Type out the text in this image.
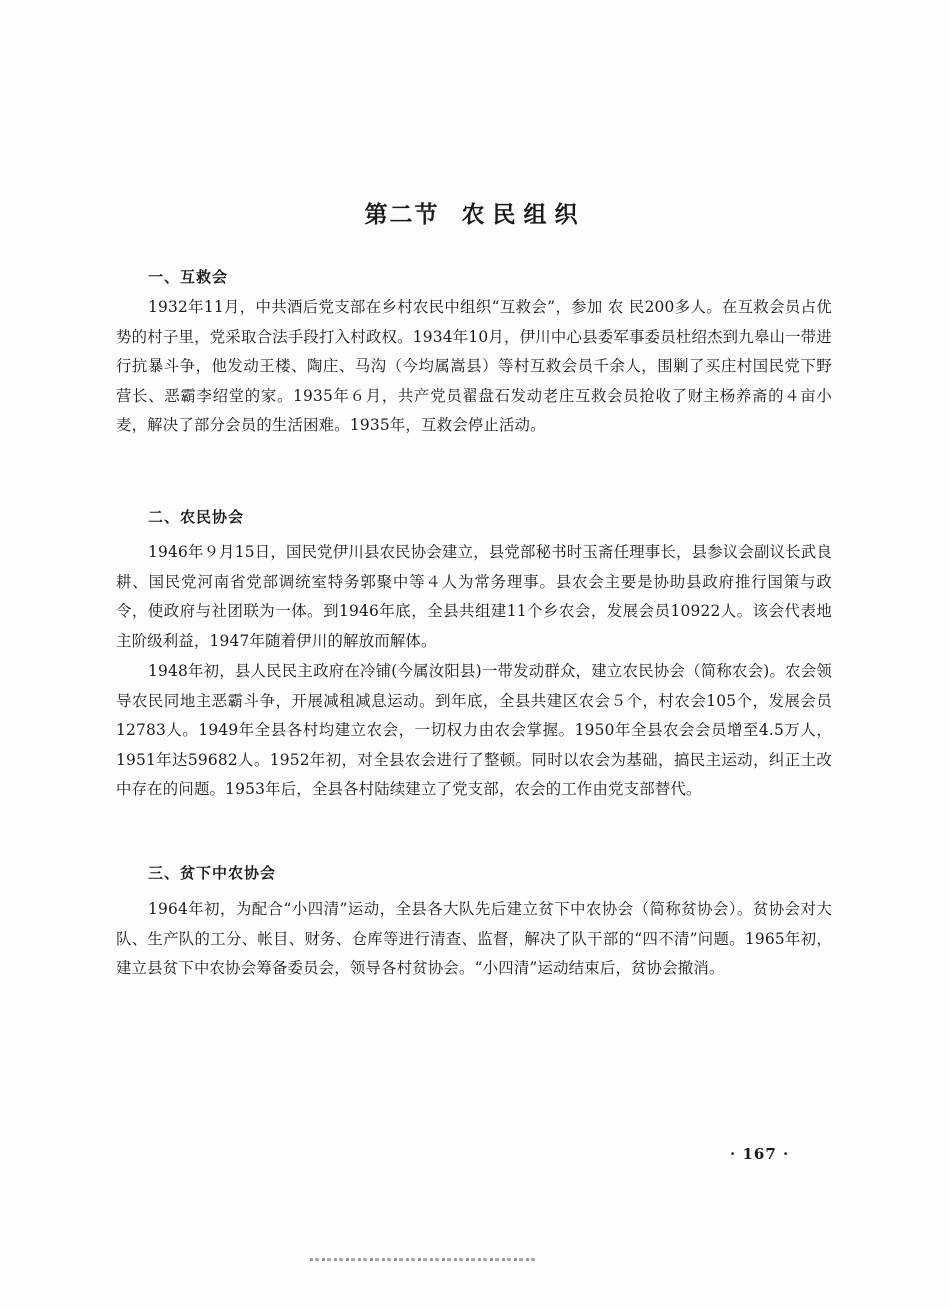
第二节 农民组织
一、互救会
1932年11月，中共酒后党支部在乡村农民中组织“互救会”，参加 农 民200多人。在互救会员占优势的村子里，党采取合法手段打入村政权。1934年10月，伊川中心县委军事委员杜绍杰到九皋山一带进行抗暴斗争，他发动王楼、陶庄、马沟（今均属嵩县）等村互救会员千余人，围剿了买庄村国民党下野营长、恶霸李绍堂的家。1935年６月，共产党员翟盘石发动老庄互救会员抢收了财主杨养斋的４亩小麦，解决了部分会员的生活困难。1935年，互救会停止活动。
二、农民协会
1946年９月15日，国民党伊川县农民协会建立，县党部秘书时玉斋任理事长，县参议会副议长武良耕、国民党河南省党部调统室特务郭聚中等４人为常务理事。县农会主要是协助县政府推行国策与政令，使政府与社团联为一体。到1946年底，全县共组建11个乡农会，发展会员10922人。该会代表地主阶级利益，1947年随着伊川的解放而解体。
1948年初，县人民民主政府在冷铺(今属汝阳县)一带发动群众，建立农民协会（简称农会)。农会领导农民同地主恶霸斗争，开展减租减息运动。到年底，全县共建区农会５个，村农会105个，发展会员12783人。1949年全县各村均建立农会，一切权力由农会掌握。1950年全县农会会员增至4.5万人，1951年达59682人。1952年初，对全县农会进行了整顿。同时以农会为基础，搞民主运动，纠正土改中存在的问题。1953年后，全县各村陆续建立了党支部，农会的工作由党支部替代。
三、贫下中农协会
1964年初，为配合“小四清”运动，全县各大队先后建立贫下中农协会（简称贫协会）。贫协会对大队、生产队的工分、帐目、财务、仓库等进行清查、监督，解决了队干部的“四不清”问题。1965年初，建立县贫下中农协会筹备委员会，领导各村贫协会。“小四清”运动结束后，贫协会撤消。
· 167 ·
